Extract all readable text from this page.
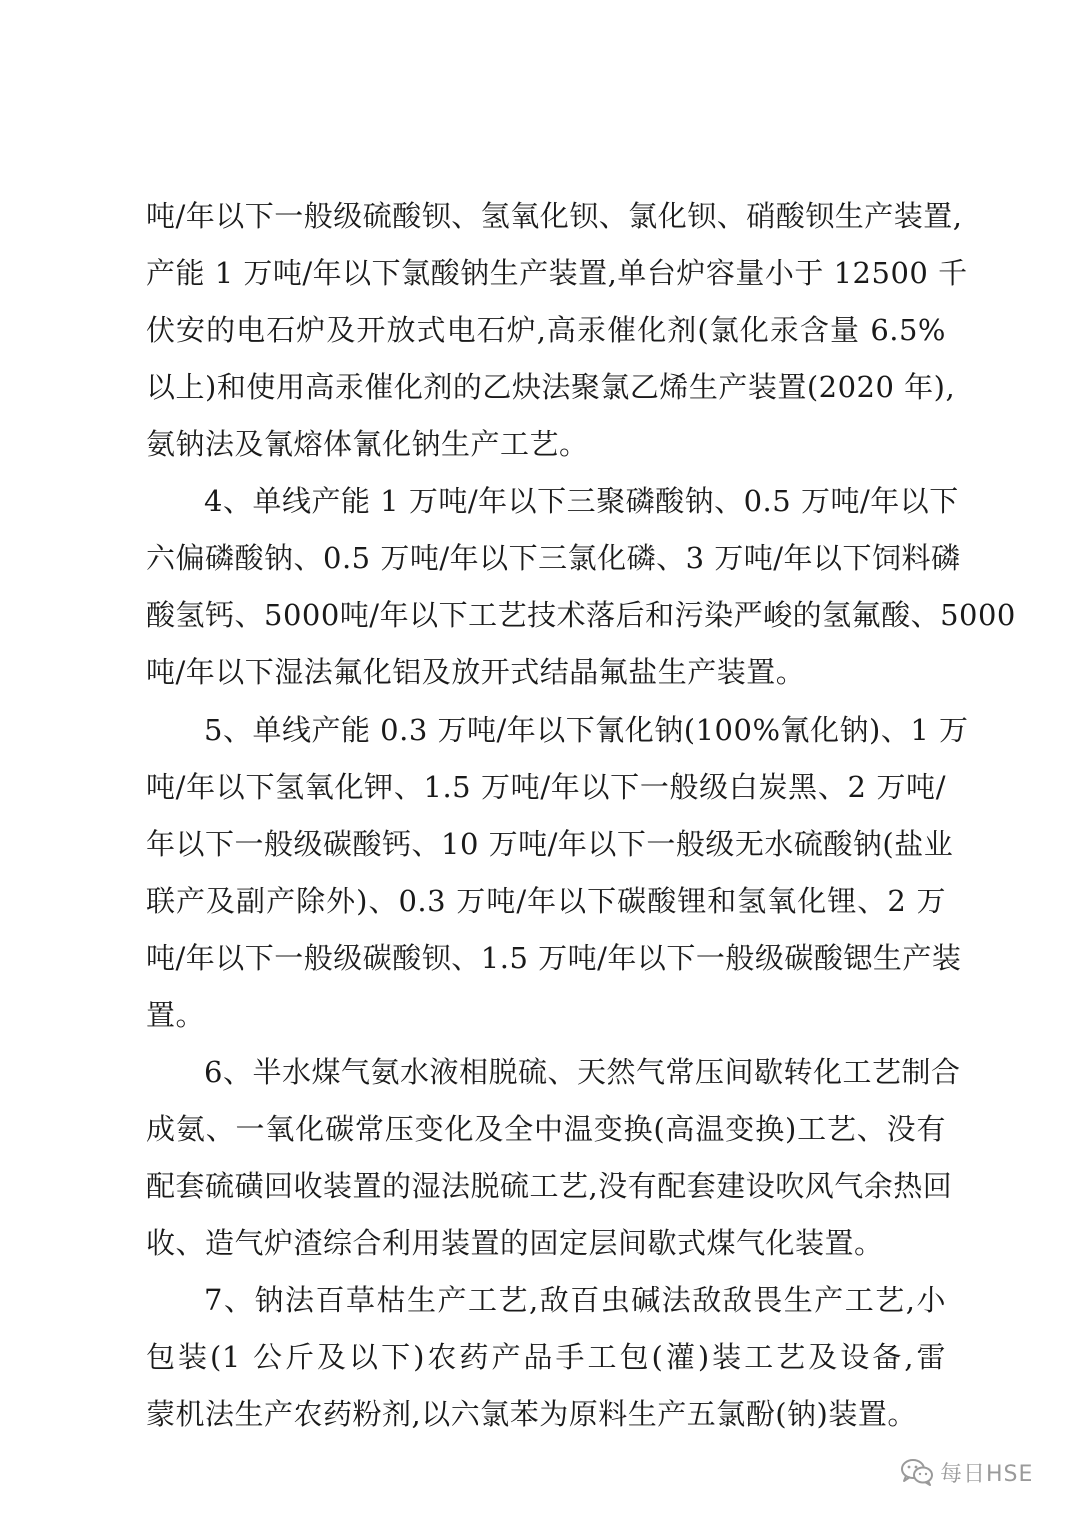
吨/年以下一般级硫酸钡、氢氧化钡、氯化钡、硝酸钡生产装置,
产能 1 万吨/年以下氯酸钠生产装置,单台炉容量小于 12500 千
伏安的电石炉及开放式电石炉,高汞催化剂(氯化汞含量 6.5%
以上)和使用高汞催化剂的乙炔法聚氯乙烯生产装置(2020 年),
氨钠法及氰熔体氰化钠生产工艺。
4、单线产能 1 万吨/年以下三聚磷酸钠、0.5 万吨/年以下
六偏磷酸钠、0.5 万吨/年以下三氯化磷、3 万吨/年以下饲料磷
酸氢钙、5000吨/年以下工艺技术落后和污染严峻的氢氟酸、5000
吨/年以下湿法氟化铝及放开式结晶氟盐生产装置。
5、单线产能 0.3 万吨/年以下氰化钠(100%氰化钠)、1 万
吨/年以下氢氧化钾、1.5 万吨/年以下一般级白炭黑、2 万吨/
年以下一般级碳酸钙、10 万吨/年以下一般级无水硫酸钠(盐业
联产及副产除外)、0.3 万吨/年以下碳酸锂和氢氧化锂、2 万
吨/年以下一般级碳酸钡、1.5 万吨/年以下一般级碳酸锶生产装
置。
6、半水煤气氨水液相脱硫、天然气常压间歇转化工艺制合
成氨、一氧化碳常压变化及全中温变换(高温变换)工艺、没有
配套硫磺回收装置的湿法脱硫工艺,没有配套建设吹风气余热回
收、造气炉渣综合利用装置的固定层间歇式煤气化装置。
7、钠法百草枯生产工艺,敌百虫碱法敌敌畏生产工艺,小
包装(1 公斤及以下)农药产品手工包(灌)装工艺及设备,雷
蒙机法生产农药粉剂,以六氯苯为原料生产五氯酚(钠)装置。
每日HSE
